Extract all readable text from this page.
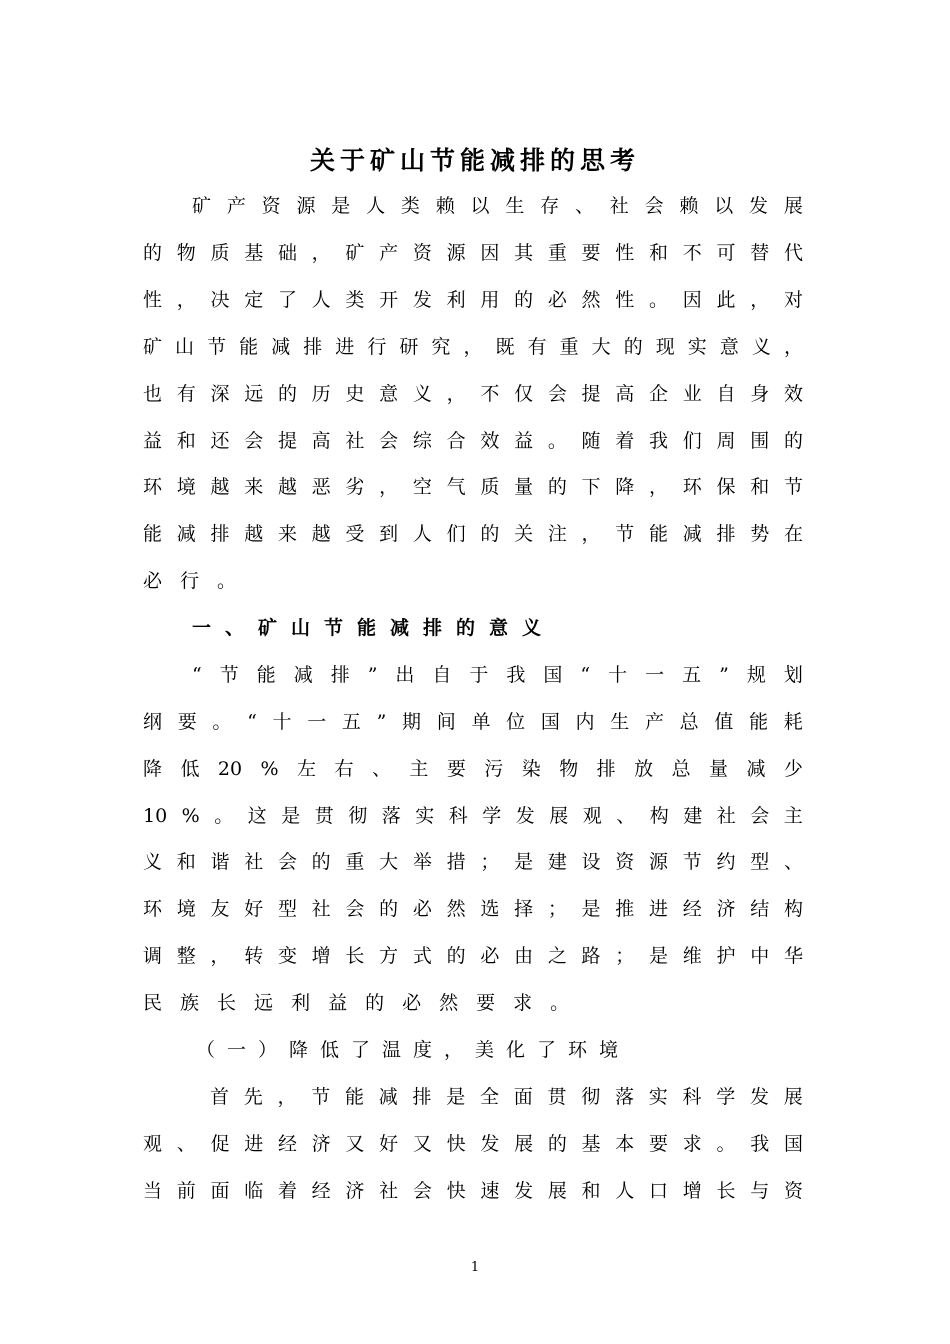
关于矿山节能减排的思考
矿 产 资 源 是 人 类 赖 以 生 存 、 社 会 赖 以 发 展
的 物 质 基 础 ， 矿 产 资 源 因 其 重 要 性 和 不 可 替 代
性 ， 决 定 了 人 类 开 发 利 用 的 必 然 性 。 因 此 ， 对
矿 山 节 能 减 排 进 行 研 究 ， 既 有 重 大 的 现 实 意 义 ，
也 有 深 远 的 历 史 意 义 ， 不 仅 会 提 高 企 业 自 身 效
益 和 还 会 提 高 社 会 综 合 效 益 。 随 着 我 们 周 围 的
环 境 越 来 越 恶 劣 ， 空 气 质 量 的 下 降 ， 环 保 和 节
能 减 排 越 来 越 受 到 人 们 的 关 注 ， 节 能 减 排 势 在
必 行 。
一、矿山节能减排的意义
“ 节 能 减 排 ” 出 自 于 我 国 “ 十 一 五 ” 规 划
纲 要 。 “ 十 一 五 ” 期 间 单 位 国 内 生 产 总 值 能 耗
降 低 20 % 左 右 、 主 要 污 染 物 排 放 总 量 减 少
10 % 。 这 是 贯 彻 落 实 科 学 发 展 观 、 构 建 社 会 主
义 和 谐 社 会 的 重 大 举 措 ； 是 建 设 资 源 节 约 型 、
环 境 友 好 型 社 会 的 必 然 选 择 ； 是 推 进 经 济 结 构
调 整 ， 转 变 增 长 方 式 的 必 由 之 路 ； 是 维 护 中 华
民 族 长 远 利 益 的 必 然 要 求 。
（一）降低了温度，美化了环境
首 先 ， 节 能 减 排 是 全 面 贯 彻 落 实 科 学 发 展
观 、 促 进 经 济 又 好 又 快 发 展 的 基 本 要 求 。 我 国
当 前 面 临 着 经 济 社 会 快 速 发 展 和 人 口 增 长 与 资
1
